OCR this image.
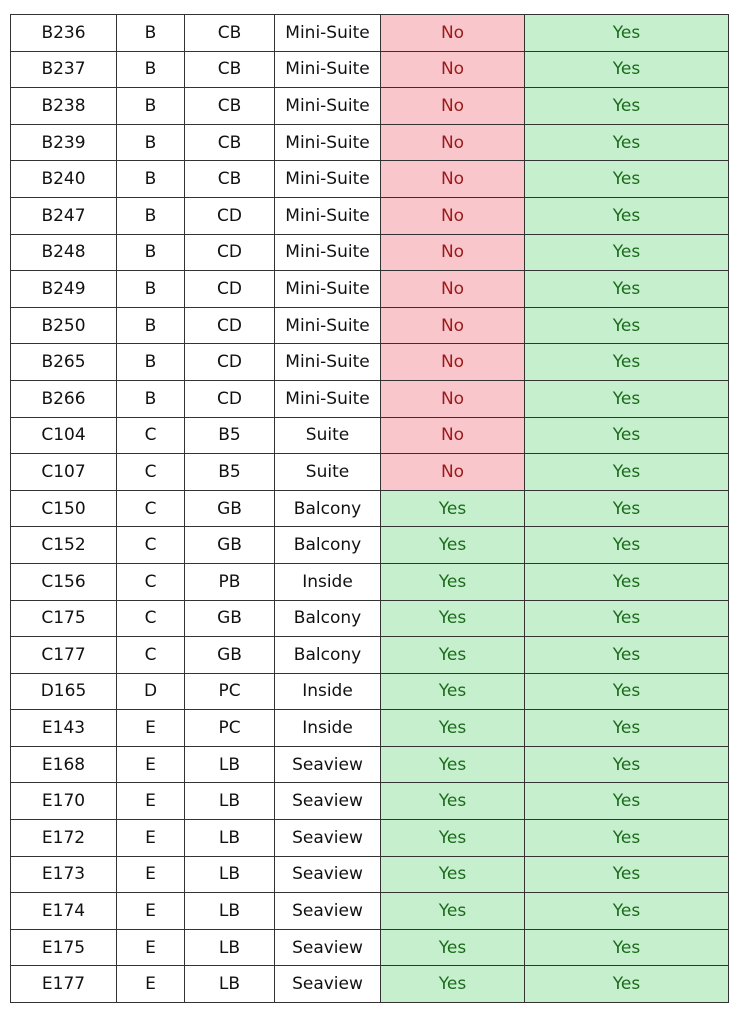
B236	B	CB	Mini-Suite	No	Yes
B237	B	CB	Mini-Suite	No	Yes
B238	B	CB	Mini-Suite	No	Yes
B239	B	CB	Mini-Suite	No	Yes
B240	B	CB	Mini-Suite	No	Yes
B247	B	CD	Mini-Suite	No	Yes
B248	B	CD	Mini-Suite	No	Yes
B249	B	CD	Mini-Suite	No	Yes
B250	B	CD	Mini-Suite	No	Yes
B265	B	CD	Mini-Suite	No	Yes
B266	B	CD	Mini-Suite	No	Yes
C104	C	B5	Suite	No	Yes
C107	C	B5	Suite	No	Yes
C150	C	GB	Balcony	Yes	Yes
C152	C	GB	Balcony	Yes	Yes
C156	C	PB	Inside	Yes	Yes
C175	C	GB	Balcony	Yes	Yes
C177	C	GB	Balcony	Yes	Yes
D165	D	PC	Inside	Yes	Yes
E143	E	PC	Inside	Yes	Yes
E168	E	LB	Seaview	Yes	Yes
E170	E	LB	Seaview	Yes	Yes
E172	E	LB	Seaview	Yes	Yes
E173	E	LB	Seaview	Yes	Yes
E174	E	LB	Seaview	Yes	Yes
E175	E	LB	Seaview	Yes	Yes
E177	E	LB	Seaview	Yes	Yes
